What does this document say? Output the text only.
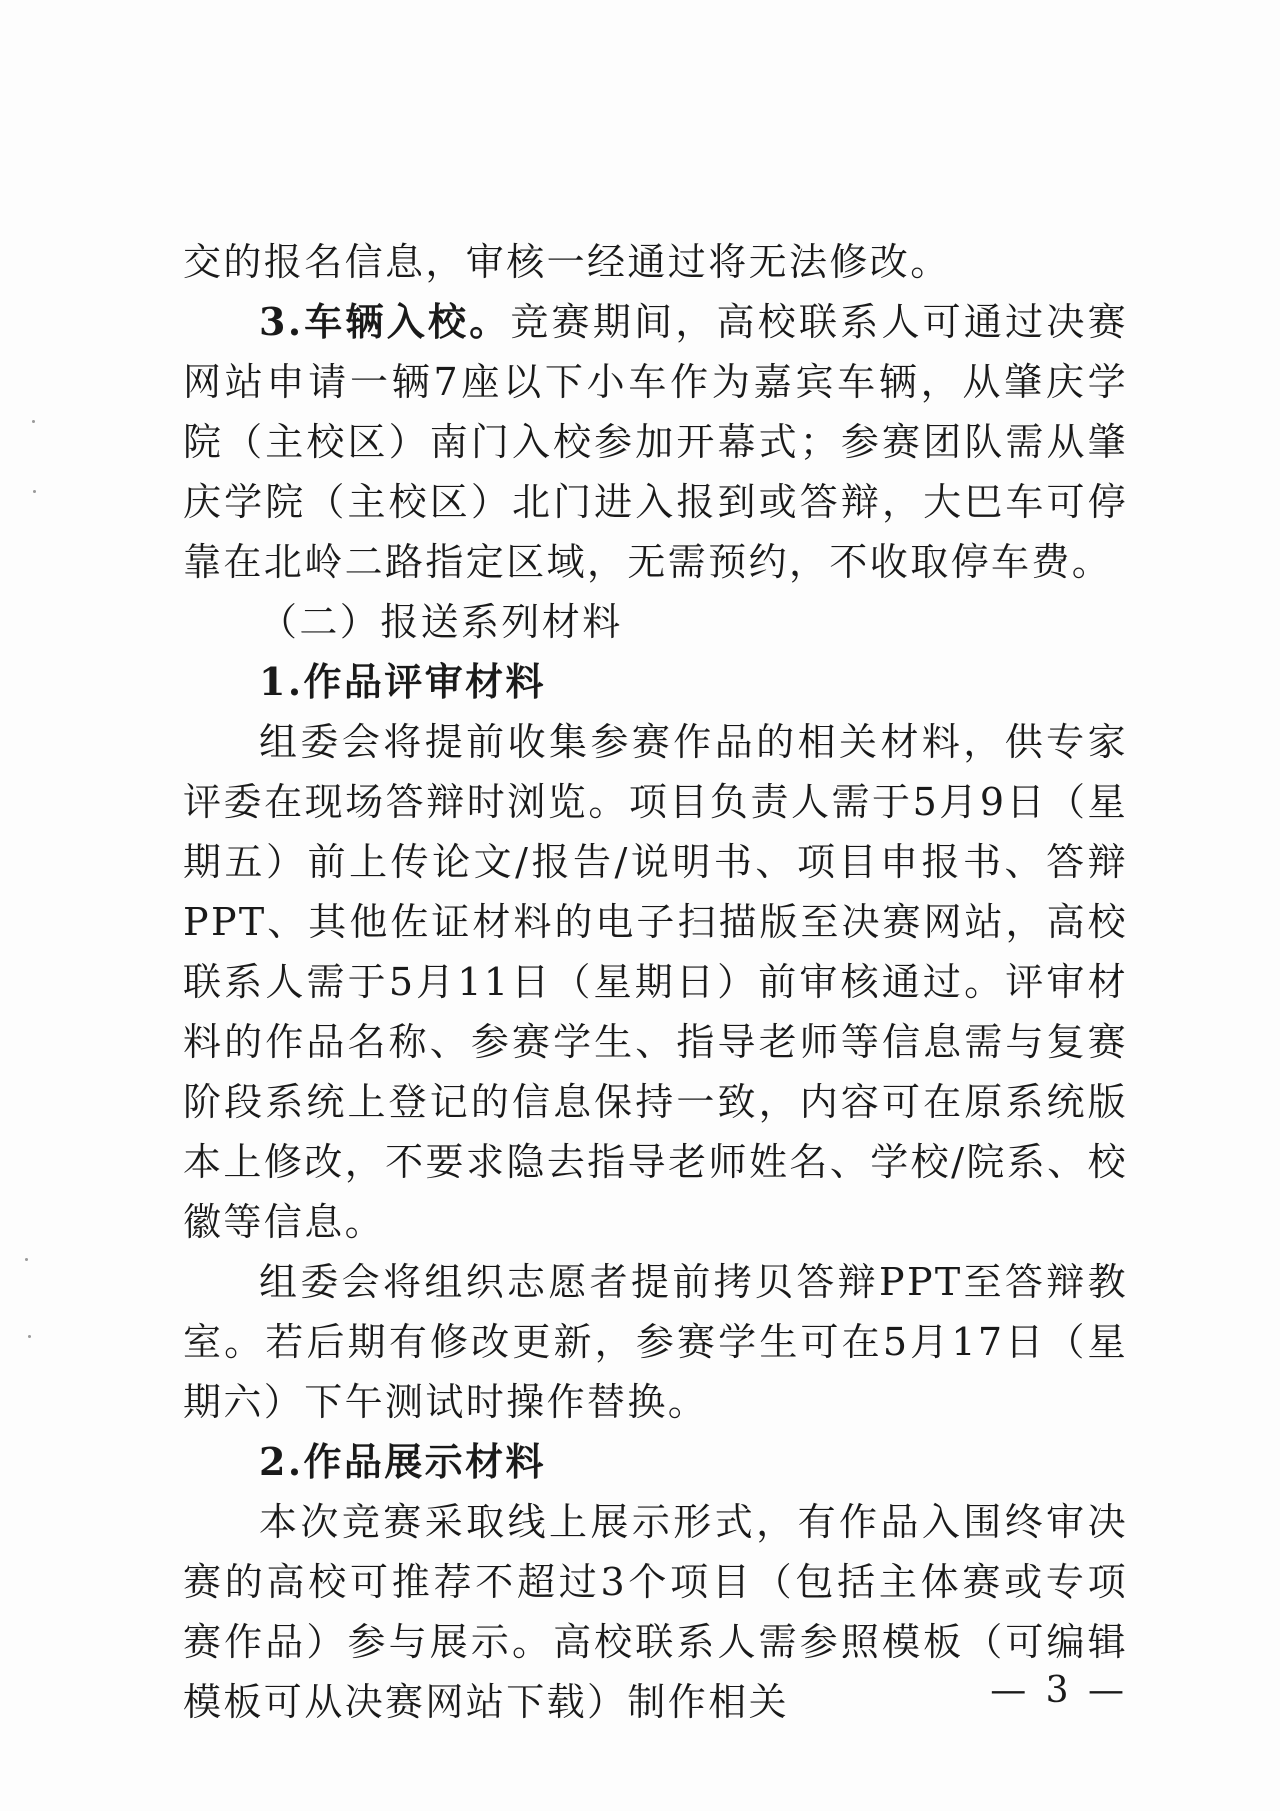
交的报名信息，审核一经通过将无法修改。

3.车辆入校。竞赛期间，高校联系人可通过决赛网站申请一辆7座以下小车作为嘉宾车辆，从肇庆学院（主校区）南门入校参加开幕式；参赛团队需从肇庆学院（主校区）北门进入报到或答辩，大巴车可停靠在北岭二路指定区域，无需预约，不收取停车费。

（二）报送系列材料

1.作品评审材料

组委会将提前收集参赛作品的相关材料，供专家评委在现场答辩时浏览。项目负责人需于5月9日（星期五）前上传论文/报告/说明书、项目申报书、答辩PPT、其他佐证材料的电子扫描版至决赛网站，高校联系人需于5月11日（星期日）前审核通过。评审材料的作品名称、参赛学生、指导老师等信息需与复赛阶段系统上登记的信息保持一致，内容可在原系统版本上修改，不要求隐去指导老师姓名、学校/院系、校徽等信息。

组委会将组织志愿者提前拷贝答辩PPT至答辩教室。若后期有修改更新，参赛学生可在5月17日（星期六）下午测试时操作替换。

2.作品展示材料

本次竞赛采取线上展示形式，有作品入围终审决赛的高校可推荐不超过3个项目（包括主体赛或专项赛作品）参与展示。高校联系人需参照模板（可编辑模板可从决赛网站下载）制作相关	— 3 —
